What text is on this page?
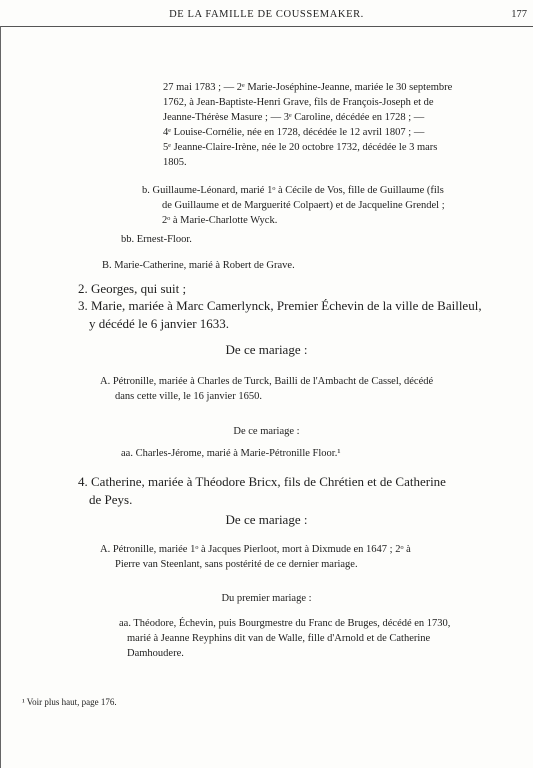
DE LA FAMILLE DE COUSSEMAKER.	177
27 mai 1783 ; — 2ᵉ Marie-Joséphine-Jeanne, mariée le 30 septembre
1762, à Jean-Baptiste-Henri Grave, fils de François-Joseph et de
Jeanne-Thérèse Masure ; — 3ᵉ Caroline, décédée en 1728 ; —
4ᵉ Louise-Cornélie, née en 1728, décédée le 12 avril 1807 ; —
5ᵉ Jeanne-Claire-Irène, née le 20 octobre 1732, décédée le 3 mars
1805.
b. Guillaume-Léonard, marié 1ᵒ à Cécile de Vos, fille de Guillaume (fils
de Guillaume et de Marguerité Colpaert) et de Jacqueline Grendel ;
2ᵒ à Marie-Charlotte Wyck.
bb. Ernest-Floor.
B. Marie-Catherine, marié à Robert de Grave.
2. Georges, qui suit ;
3. Marie, mariée à Marc Camerlynck, Premier Échevin de la ville de Bailleul,
y décédé le 6 janvier 1633.
De ce mariage :
A. Pétronille, mariée à Charles de Turck, Bailli de l'Ambacht de Cassel, décédé
dans cette ville, le 16 janvier 1650.
De ce mariage :
aa. Charles-Jérome, marié à Marie-Pétronille Floor.¹
4. Catherine, mariée à Théodore Bricx, fils de Chrétien et de Catherine
de Peys.
De ce mariage :
A. Pétronille, mariée 1ᵒ à Jacques Pierloot, mort à Dixmude en 1647 ; 2ᵒ à
Pierre van Steenlant, sans postérité de ce dernier mariage.
Du premier mariage :
aa. Théodore, Échevin, puis Bourgmestre du Franc de Bruges, décédé en 1730,
marié à Jeanne Reyphins dit van de Walle, fille d'Arnold et de Catherine
Damhoudere.
¹ Voir plus haut, page 176.
